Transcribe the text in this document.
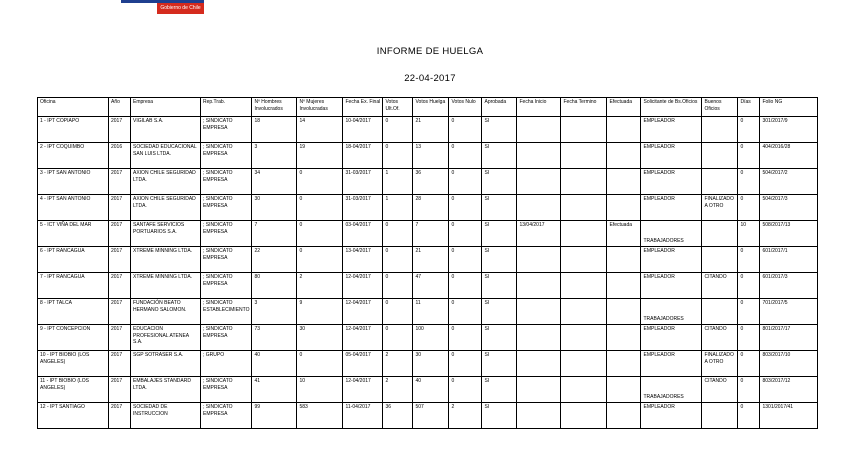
Gobierno de Chile
INFORME DE HUELGA
22-04-2017
Oficina	Año	Empresa	Rep.Trab.	Nº Hombres Involucrados	Nº Mujeres Involucradas	Fecha Ex. Final	Votos Ult.Of.	Votos Huelga	Votos Nulo	Aprobada	Fecha Inicio	Fecha Termino	Efectuada	Solicitante de Bs.Oficios	Buenos Oficios	Días	Folio NG
1 - IPT COPIAPO	2017	VIGILAB S.A.	; SINDICATO EMPRESA	18	14	10-04/2017	0	21	0	SI				EMPLEADOR		0	301/2017/9
2 - IPT COQUIMBO	2016	SOCIEDAD EDUCACIONAL SAN LUIS LTDA.	; SINDICATO EMPRESA	3	19	18-04/2017	0	13	0	SI				EMPLEADOR		0	404/2016/28
3 - IPT SAN ANTONIO	2017	AXION CHILE SEGURIDAD LTDA.	; SINDICATO EMPRESA	34	0	31-03/2017	1	36	0	SI				EMPLEADOR		0	504/2017/2
4 - IPT SAN ANTONIO	2017	AXION CHILE SEGURIDAD LTDA.	; SINDICATO EMPRESA	30	0	31-03/2017	1	28	0	SI				EMPLEADOR	FINALIZADO A OTRO	0	504/2017/3
5 - ICT VIÑA DEL MAR	2017	SANTAFE SERVICIOS PORTUARIOS S.A.	; SINDICATO EMPRESA	7	0	03-04/2017	0	7	0	SI	13/04/2017		Efectuada	TRABAJADORES		10	508/2017/13
6 - IPT RANCAGUA	2017	XTREME MINNING LTDA.	; SINDICATO EMPRESA	22	0	13-04/2017	0	21	0	SI				EMPLEADOR		0	601/2017/1
7 - IPT RANCAGUA	2017	XTREME MINNING LTDA.	; SINDICATO EMPRESA	80	2	12-04/2017	0	47	0	SI				EMPLEADOR	CITANDO	0	601/2017/3
8 - IPT TALCA	2017	FUNDACIÓN BEATO HERMANO SALOMON.	; SINDICATO ESTABLECIMIENTO	3	9	12-04/2017	0	11	0	SI				TRABAJADORES		0	701/2017/5
9 - IPT CONCEPCION	2017	EDUCACION PROFESIONAL ATENEA S.A.	; SINDICATO EMPRESA	73	30	12-04/2017	0	100	0	SI				EMPLEADOR	CITANDO	0	801/2017/17
10 - IPT BIOBIO (LOS ANGELES)	2017	SGP SOTRASER S.A.	; GRUPO	40	0	05-04/2017	2	30	0	SI				EMPLEADOR	FINALIZADO A OTRO	0	803/2017/10
11 - IPT BIOBIO (LOS ANGELES)	2017	EMBALAJES STANDARD LTDA.	; SINDICATO EMPRESA	41	10	12-04/2017	2	40	0	SI				TRABAJADORES	CITANDO	0	803/2017/12
12 - IPT SANTIAGO	2017	SOCIEDAD DE INSTRUCCION	; SINDICATO EMPRESA	99	583	11-04/2017	36	507	2	SI				EMPLEADOR		0	1301/2017/41
